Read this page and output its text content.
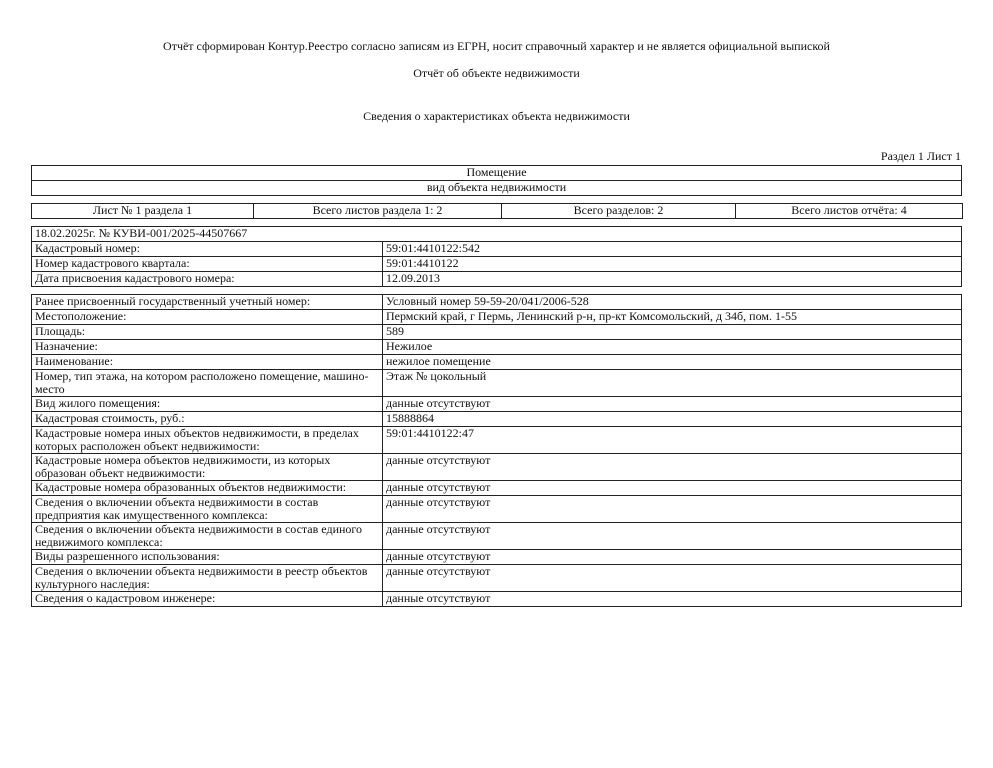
Отчёт сформирован Контур.Реестро согласно записям из ЕГРН, носит справочный характер и не является официальной выпиской
Отчёт об объекте недвижимости
Сведения о характеристиках объекта недвижимости
Раздел 1 Лист 1
Помещение
вид объекта недвижимости
Лист № 1 раздела 1	Всего листов раздела 1: 2	Всего разделов: 2	Всего листов отчёта: 4
18.02.2025г. № КУВИ-001/2025-44507667	
Кадастровый номер:	59:01:4410122:542
Номер кадастрового квартала:	59:01:4410122
Дата присвоения кадастрового номера:	12.09.2013
Ранее присвоенный государственный учетный номер:	Условный номер 59-59-20/041/2006-528
Местоположение:	Пермский край, г Пермь, Ленинский р-н, пр-кт Комсомольский, д 34б, пом. 1-55
Площадь:	589
Назначение:	Нежилое
Наименование:	нежилое помещение
Номер, тип этажа, на котором расположено помещение, машино-место	Этаж № цокольный
Вид жилого помещения:	данные отсутствуют
Кадастровая стоимость, руб.:	15888864
Кадастровые номера иных объектов недвижимости, в пределах которых расположен объект недвижимости:	59:01:4410122:47
Кадастровые номера объектов недвижимости, из которых образован объект недвижимости:	данные отсутствуют
Кадастровые номера образованных объектов недвижимости:	данные отсутствуют
Сведения о включении объекта недвижимости в состав предприятия как имущественного комплекса:	данные отсутствуют
Сведения о включении объекта недвижимости в состав единого недвижимого комплекса:	данные отсутствуют
Виды разрешенного использования:	данные отсутствуют
Сведения о включении объекта недвижимости в реестр объектов культурного наследия:	данные отсутствуют
Сведения о кадастровом инженере:	данные отсутствуют
